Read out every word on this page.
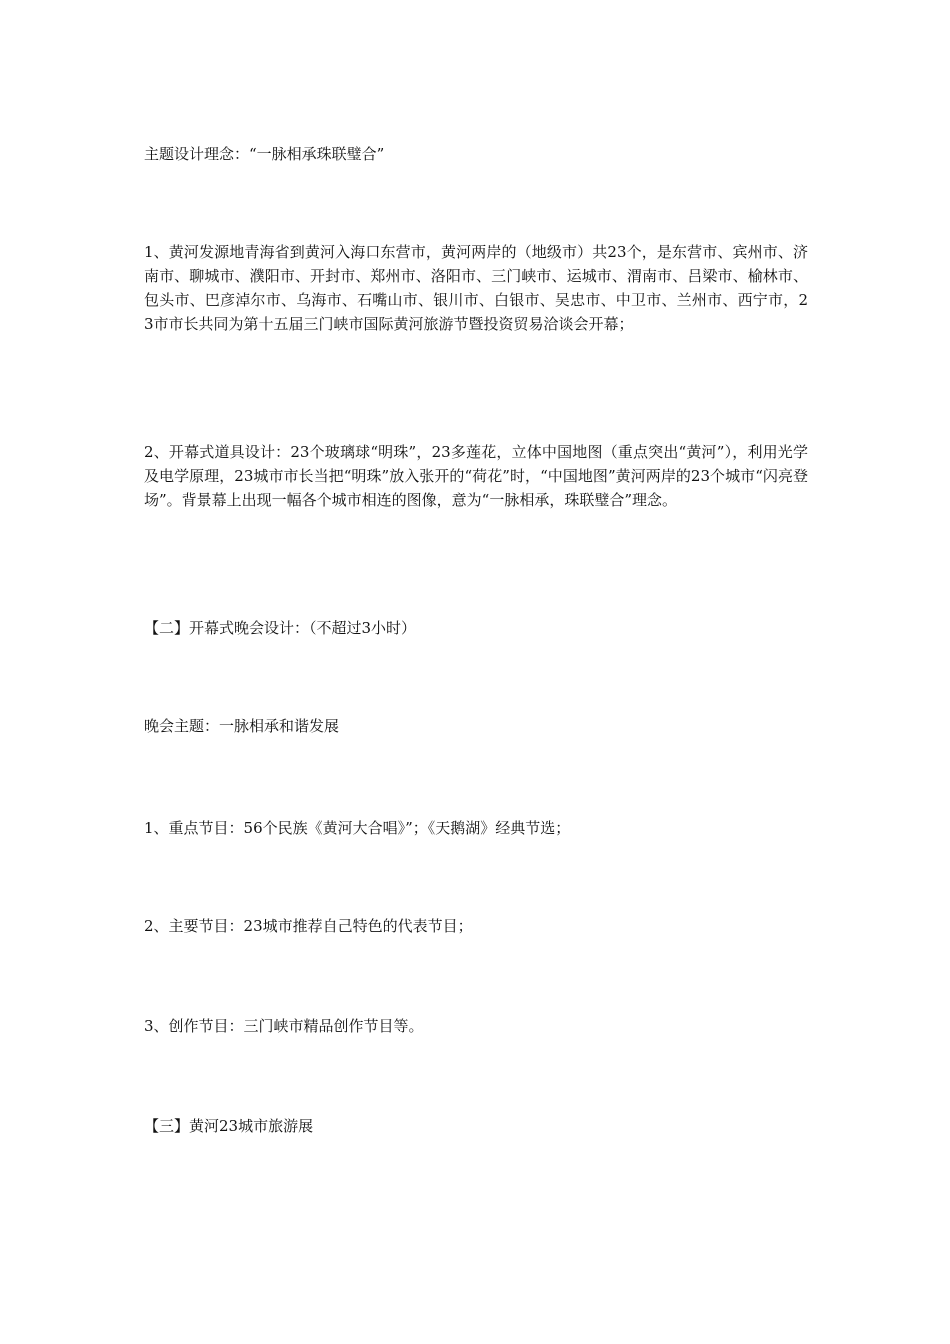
主题设计理念：“一脉相承珠联璧合”

1、黄河发源地青海省到黄河入海口东营市，黄河两岸的（地级市）共23个，是东营市、宾州市、济南市、聊城市、濮阳市、开封市、郑州市、洛阳市、三门峡市、运城市、渭南市、吕梁市、榆林市、包头市、巴彦淖尔市、乌海市、石嘴山市、银川市、白银市、吴忠市、中卫市、兰州市、西宁市，23市市长共同为第十五届三门峡市国际黄河旅游节暨投资贸易洽谈会开幕；

2、开幕式道具设计：23个玻璃球“明珠”，23多莲花，立体中国地图（重点突出“黄河”），利用光学及电学原理，23城市市长当把“明珠”放入张开的“荷花”时，“中国地图”黄河两岸的23个城市“闪亮登场”。背景幕上出现一幅各个城市相连的图像，意为“一脉相承，珠联璧合”理念。

【二】开幕式晚会设计：（不超过3小时）

晚会主题：一脉相承和谐发展

1、重点节目：56个民族《黄河大合唱》”；《天鹅湖》经典节选；

2、主要节目：23城市推荐自己特色的代表节目；

3、创作节目：三门峡市精品创作节目等。

【三】黄河23城市旅游展
